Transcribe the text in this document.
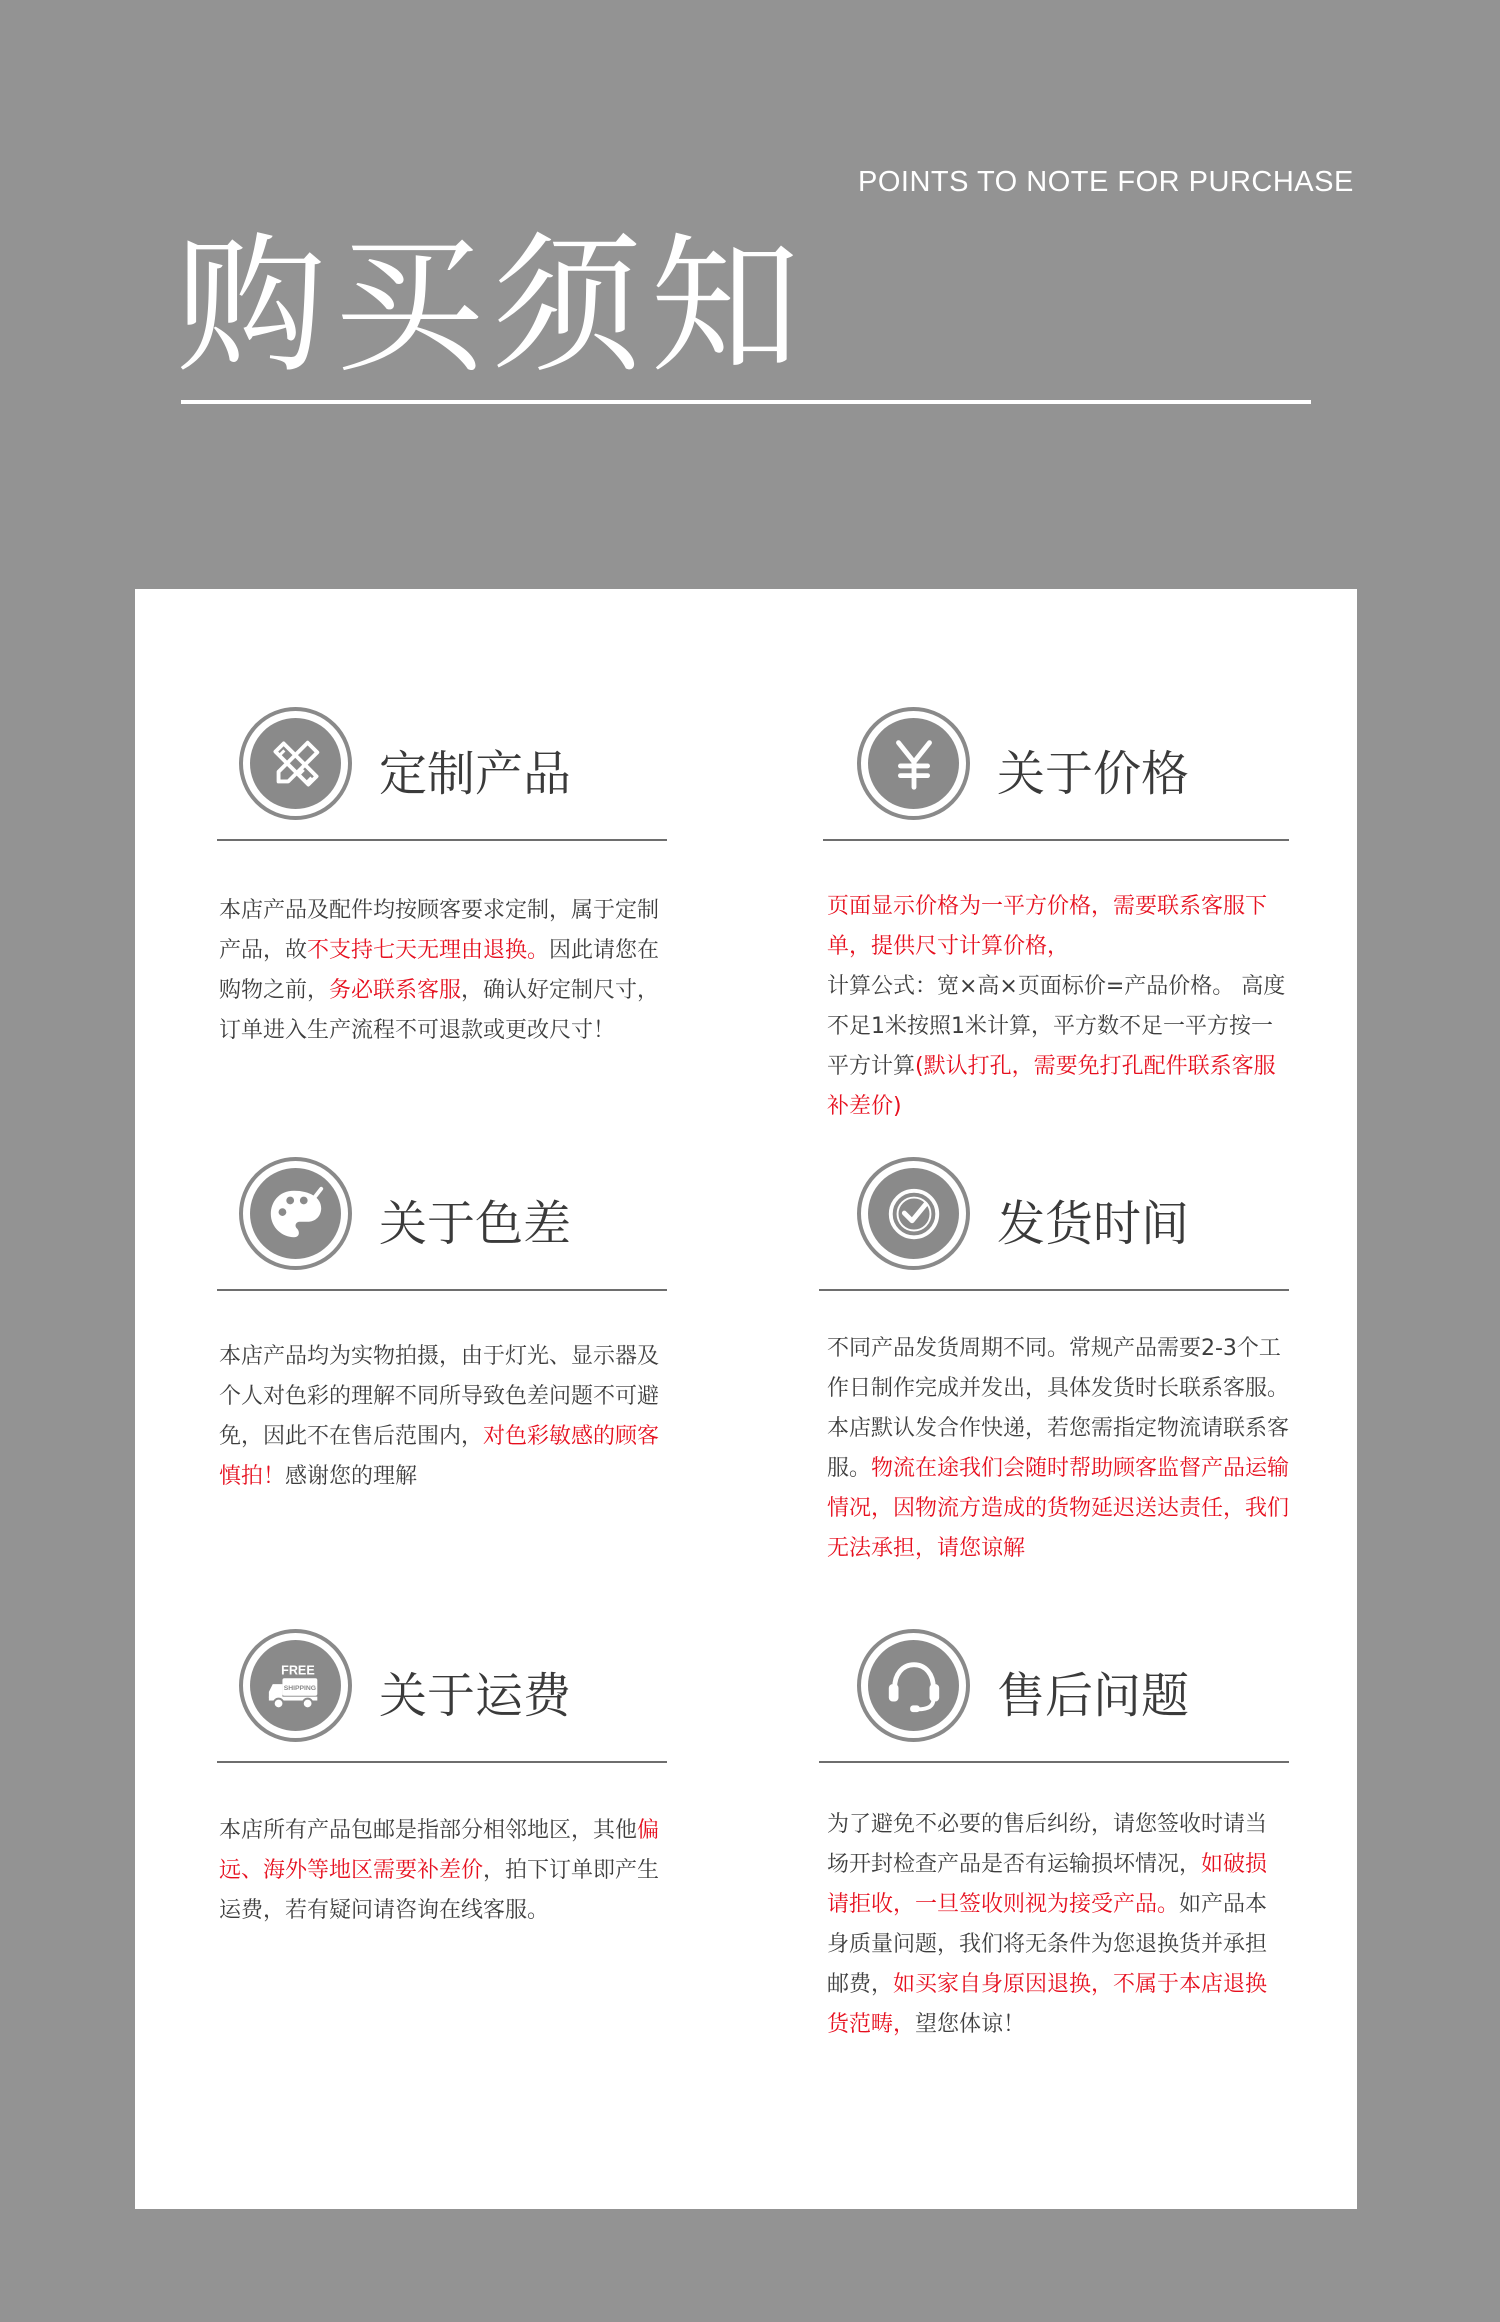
POINTS TO NOTE FOR PURCHASE
购买须知
定制产品
本店产品及配件均按顾客要求定制，属于定制产品，故不支持七天无理由退换。因此请您在购物之前，务必联系客服，确认好定制尺寸，订单进入生产流程不可退款或更改尺寸！
关于价格
页面显示价格为一平方价格，需要联系客服下单，提供尺寸计算价格，
计算公式：宽×高×页面标价=产品价格。 高度不足1米按照1米计算，平方数不足一平方按一平方计算(默认打孔，需要免打孔配件联系客服补差价)
关于色差
本店产品均为实物拍摄，由于灯光、显示器及个人对色彩的理解不同所导致色差问题不可避免，因此不在售后范围内，对色彩敏感的顾客慎拍！感谢您的理解
发货时间
不同产品发货周期不同。常规产品需要2-3个工作日制作完成并发出，具体发货时长联系客服。本店默认发合作快递，若您需指定物流请联系客服。物流在途我们会随时帮助顾客监督产品运输情况，因物流方造成的货物延迟送达责任，我们无法承担，请您谅解
FREE
SHIPPING 关于运费
本店所有产品包邮是指部分相邻地区，其他偏远、海外等地区需要补差价，拍下订单即产生运费，若有疑问请咨询在线客服。
售后问题
为了避免不必要的售后纠纷，请您签收时请当场开封检查产品是否有运输损坏情况，如破损请拒收，一旦签收则视为接受产品。如产品本身质量问题，我们将无条件为您退换货并承担邮费，如买家自身原因退换，不属于本店退换货范畴，望您体谅！
